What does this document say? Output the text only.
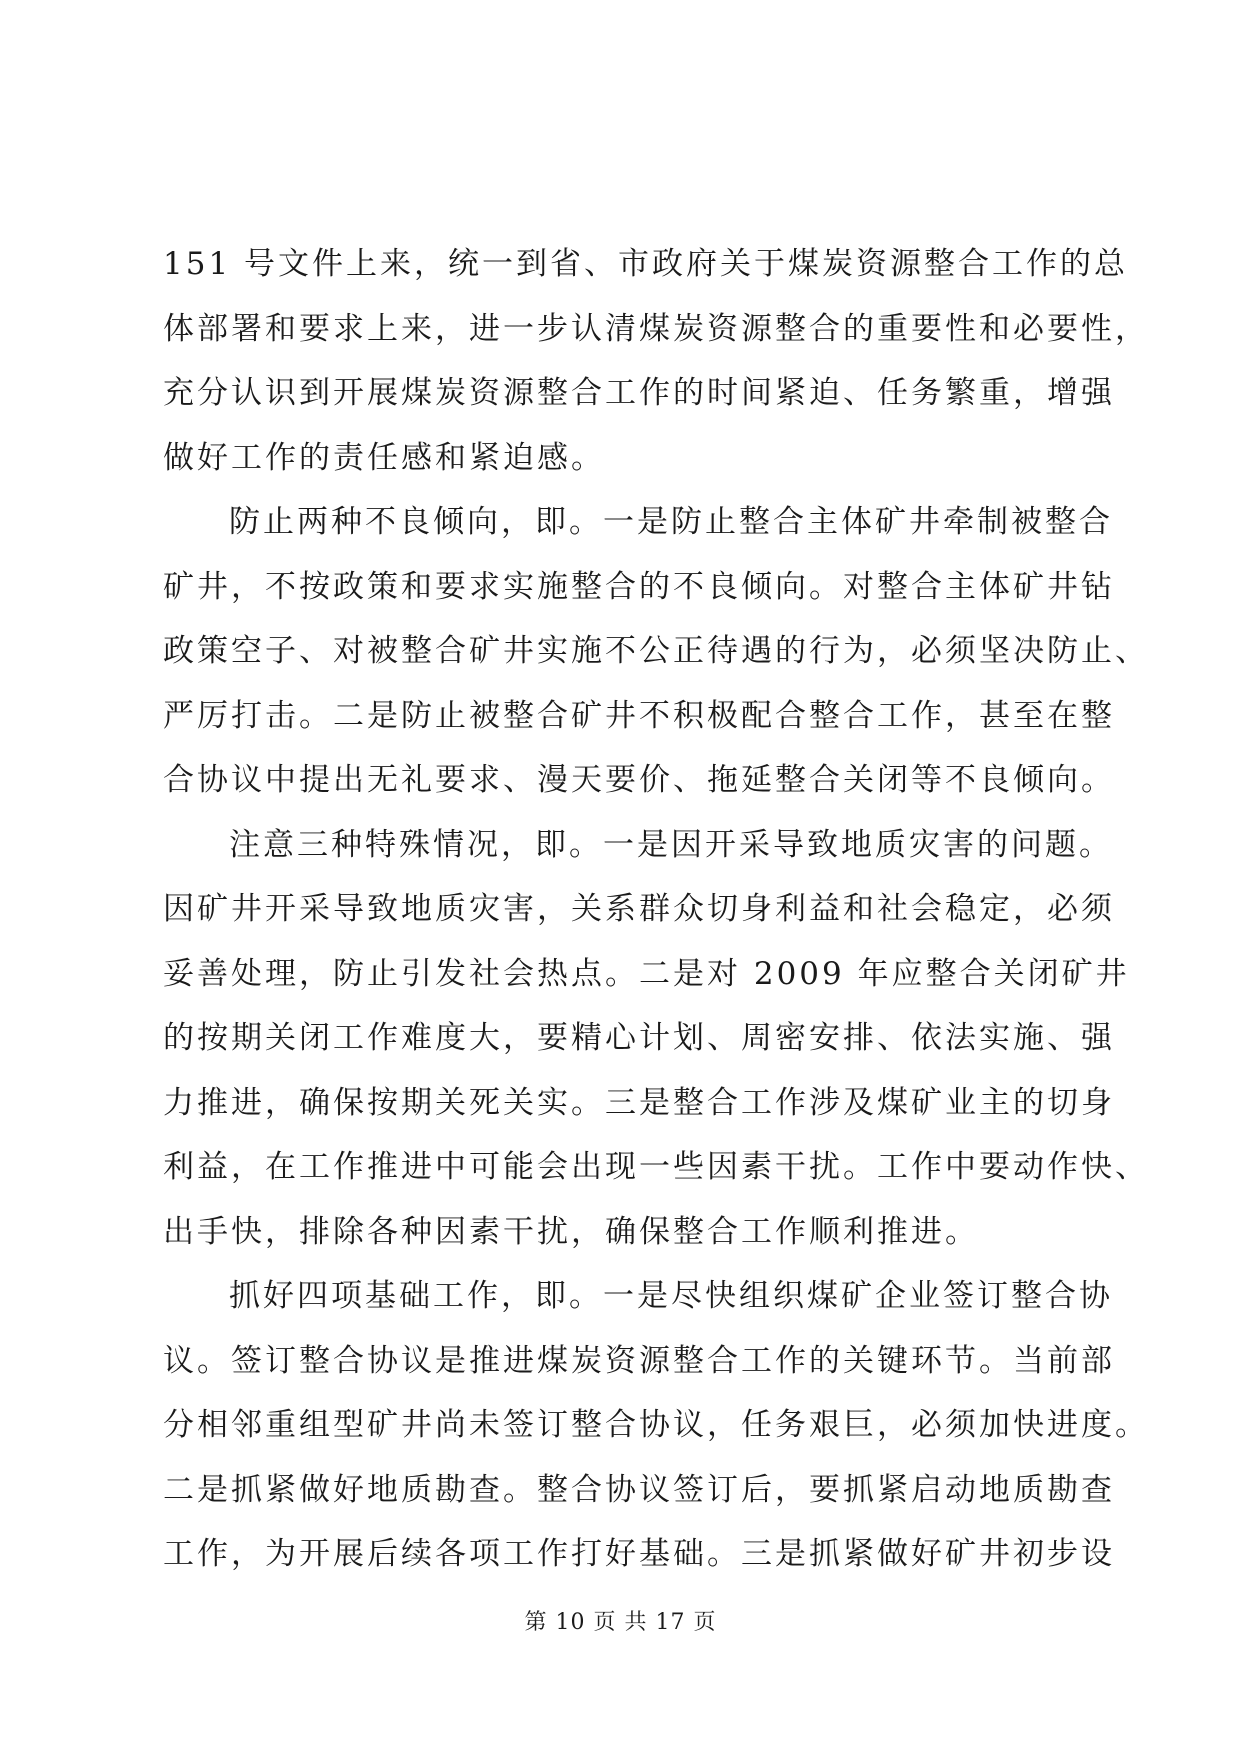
151 号文件上来，统一到省、市政府关于煤炭资源整合工作的总
体部署和要求上来，进一步认清煤炭资源整合的重要性和必要性，
充分认识到开展煤炭资源整合工作的时间紧迫、任务繁重，增强
做好工作的责任感和紧迫感。
防止两种不良倾向，即。一是防止整合主体矿井牵制被整合
矿井，不按政策和要求实施整合的不良倾向。对整合主体矿井钻
政策空子、对被整合矿井实施不公正待遇的行为，必须坚决防止、
严厉打击。二是防止被整合矿井不积极配合整合工作，甚至在整
合协议中提出无礼要求、漫天要价、拖延整合关闭等不良倾向。
注意三种特殊情况，即。一是因开采导致地质灾害的问题。
因矿井开采导致地质灾害，关系群众切身利益和社会稳定，必须
妥善处理，防止引发社会热点。二是对 2009 年应整合关闭矿井
的按期关闭工作难度大，要精心计划、周密安排、依法实施、强
力推进，确保按期关死关实。三是整合工作涉及煤矿业主的切身
利益，在工作推进中可能会出现一些因素干扰。工作中要动作快、
出手快，排除各种因素干扰，确保整合工作顺利推进。
抓好四项基础工作，即。一是尽快组织煤矿企业签订整合协
议。签订整合协议是推进煤炭资源整合工作的关键环节。当前部
分相邻重组型矿井尚未签订整合协议，任务艰巨，必须加快进度。
二是抓紧做好地质勘查。整合协议签订后，要抓紧启动地质勘查
工作，为开展后续各项工作打好基础。三是抓紧做好矿井初步设
第 10 页 共 17 页
